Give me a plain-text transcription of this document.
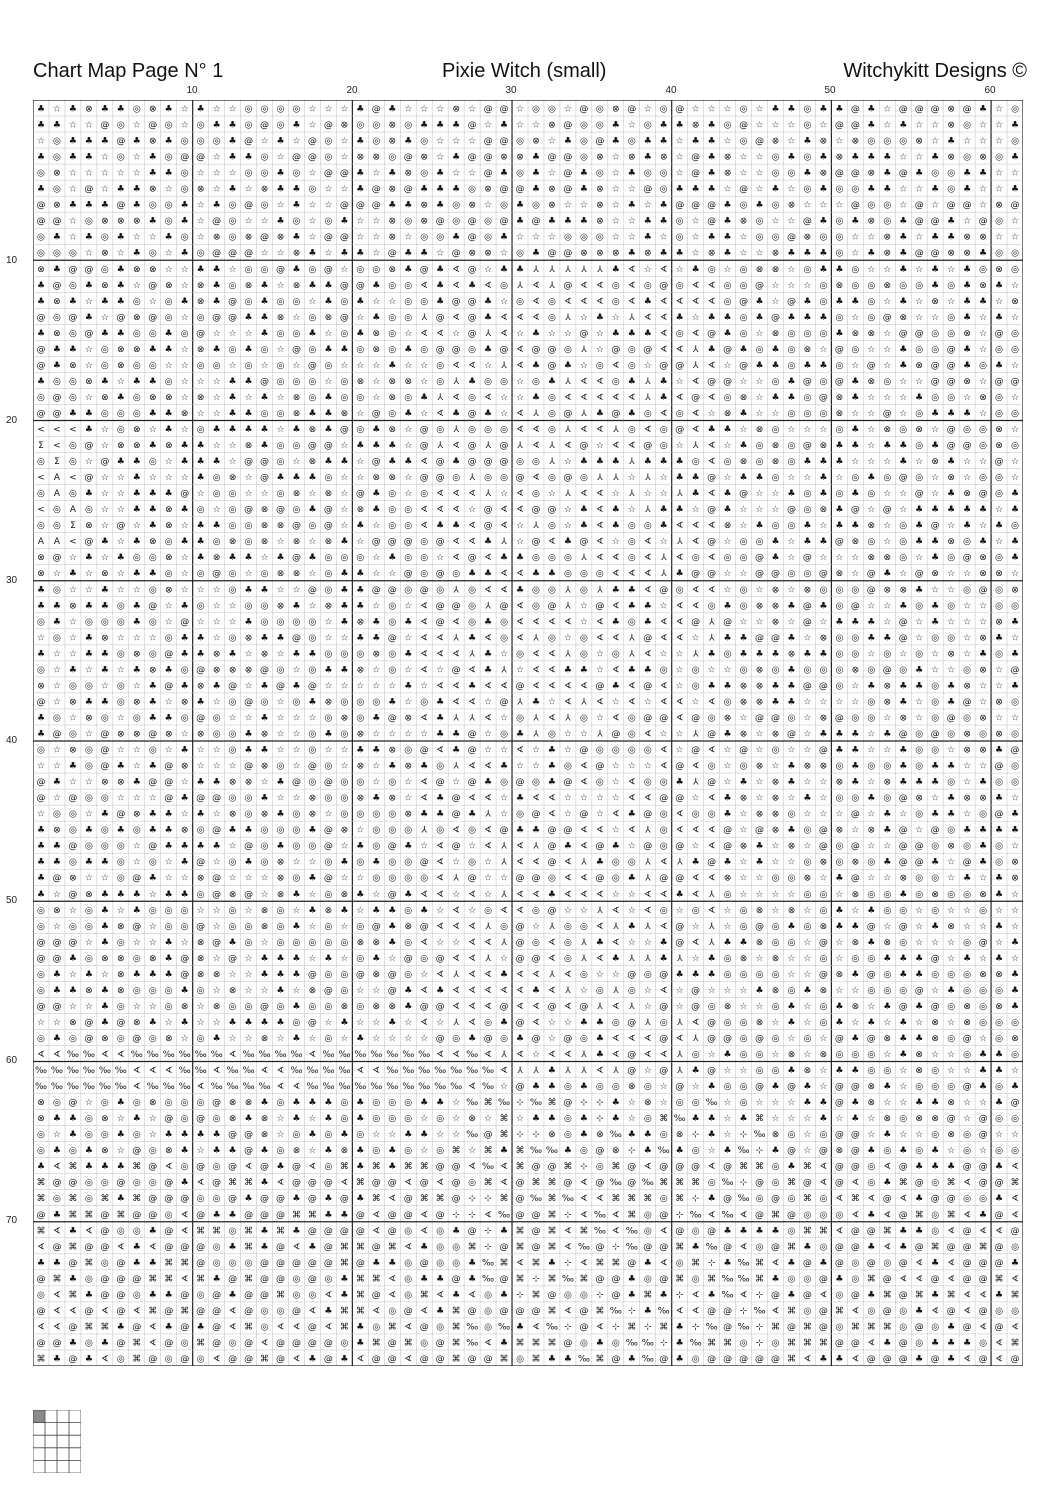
Chart Map Page N° 1	Pixie Witch (small)	Witchykitt Designs ©
10	20	30	40	50	60
10
20
30
40
50
60
70
♣ ☆ ♣ ⊗ ♣ ♣ ◎ ⊗ ♣ ☆ ♣ ☆ ☆ ◎ ◎ ◎ ◎ ☆ ☆ ☆ ♣ @ ♣ ☆ ☆ ☆ ⊗ ☆ @ @ ☆ ◎ ◎ ☆ @ ◎ ⊗ @ ☆ ◎ @ ☆ ☆ ☆ ◎ ☆ ♣ ♣ ◎ ♣ ♣ @ ♣ ☆ @ @ @ ⊗ @ ♣ ☆ ◎
♣ ♣ ☆ ☆ @ ◎ ☆ @ ◎ ☆ ◎ ♣ ♣ ◎ @ ◎ ♣ ☆ @ ⊗ ◎ ◎ ⊗ ◎ ♣ ♣ ♣ @ ☆ ♣ ☆ ☆ ⊗ @ ◎ ◎ ♣ ☆ ◎ ♣ ♣ ⊗ ♣ ◎ @ ☆ ☆ ☆ ◎ ☆ @ @ ♣ ☆ ♣ ☆ ☆ ⊗ ◎ ☆ ☆ ♣
☆ ◎ ♣ ♣ ♣ @ ♣ ⊗ ♣ ◎ ◎ ◎ ♣ @ ☆ ♣ ☆ @ ◎ ☆ ♣ ◎ ⊗ ♣ ◎ ☆ ☆ ☆ @ @ ◎ ⊗ ☆ ♣ ◎ @ ♣ ◎ ♣ ♣ ☆ ♣ ♣ ☆ ◎ @ ⊗ ☆ ♣ ⊗ ☆ ⊗ ◎ ◎ ◎ ⊗ ☆ ♣ ☆ ☆ ☆ ◎
♣ ◎ ♣ ♣ ☆ ◎ ☆ ♣ ◎ @ @ ☆ ♣ ♣ ◎ ☆ @ @ ◎ ☆ ⊗ ⊗ ◎ @ ⊗ ☆ ♣ @ @ ⊗ ⊗ ♣ @ @ ◎ ⊗ ☆ ⊗ ♣ ⊗ ☆ @ ♣ ⊗ ☆ ☆ ◎ ♣ ◎ ♣ ⊗ ♣ ♣ ♣ ☆ ☆ ♣ ⊗ ◎ ⊗ ◎ ♣
◎ ⊗ ☆ ☆ ☆ ☆ ☆ ♣ ♣ ◎ ☆ ☆ ☆ ◎ ◎ ♣ ◎ ☆ @ @ ♣ ☆ ♣ ⊗ ◎ ♣ ☆ ☆ @ ♣ ◎ ♣ ☆ @ ♣ ◎ ☆ ♣ ◎ ◎ ☆ @ ♣ ⊗ ☆ ☆ ◎ ◎ ♣ ⊗ @ @ ⊗ ♣ @ ♣ ◎ ◎ ♣ ♣ ☆ ☆
♣ ◎ ☆ @ ☆ ♣ ♣ ⊗ ☆ ◎ ⊗ ☆ ♣ ☆ ⊗ ♣ ♣ ◎ ☆ ☆ ♣ @ ⊗ @ ♣ ♣ ♣ ◎ ⊗ @ @ ♣ ⊗ @ ♣ ⊗ ☆ ☆ @ ◎ ♣ ♣ ♣ ☆ @ ☆ ♣ ☆ ◎ ♣ ◎ ◎ ♣ ♣ ☆ ☆ ♣ ◎ ♣ ☆ ☆ ♣
@ ⊗ ♣ ♣ ♣ @ ♣ ◎ ◎ ♣ ☆ ♣ ◎ @ ◎ ☆ ♣ ☆ ☆ @ @ @ ♣ ♣ ⊗ ♣ ◎ ⊗ ☆ ◎ ♣ ◎ ⊗ ☆ ☆ ⊗ ☆ ♣ ☆ ♣ @ @ @ ♣ ◎ ♣ ◎ ⊗ ☆ ☆ ☆ @ ◎ ◎ ☆ @ ☆ @ @ ☆ ⊗ @
@ @ ☆ ◎ ⊗ ⊗ ⊗ ♣ ◎ ♣ ☆ @ ◎ ☆ ☆ ♣ ◎ ☆ ◎ ♣ ☆ ☆ ⊗ ◎ ⊗ @ ◎ @ ◎ @ ♣ @ ♣ ♣ ♣ ⊗ ☆ ☆ ♣ ♣ ◎ ☆ @ ♣ ⊗ ◎ ☆ ☆ @ ♣ ◎ ♣ ⊗ ◎ ♣ @ @ ♣ ☆ @ ◎ ☆
◎ ♣ ☆ ♣ ◎ ♣ ☆ ☆ ♣ ◎ ☆ ⊗ ◎ ⊗ @ ⊗ ♣ ☆ @ @ ☆ ☆ ⊗ ☆ ◎ ◎ ♣ @ ◎ ♣ ☆ ☆ ☆ ◎ ◎ ◎ ☆ ☆ ♣ ☆ ◎ ☆ ♣ ♣ ☆ ◎ ◎ @ ⊗ ◎ ◎ ☆ ☆ ⊗ ♣ ☆ ♣ ♣ ⊗ ⊗ ☆ ☆
◎ ◎ ◎ ☆ ⊗ ☆ ♣ ◎ ☆ ♣ ◎ @ @ @ ☆ ☆ ⊗ ♣ ☆ ♣ ♣ ☆ @ ♣ ♣ ☆ @ ⊗ ⊗ ☆ ◎ ♣ @ @ ⊗ ⊗ ⊗ ♣ ⊗ ♣ ♣ ☆ ⊗ ♣ ☆ ☆ ⊗ ♣ ♣ ♣ ◎ ☆ ♣ ⊗ ♣ @ @ ⊗ ⊗ ♣ ◎ ◎
⊗ ♣ @ @ ◎ ♣ ⊗ ⊗ ☆ ☆ ♣ ♣ ☆ ◎ ◎ @ ♣ ◎ @ ☆ ◎ ◎ ⊗ ♣ @ ♣ ∢ @ ☆ ♣ ♣ ⅄ ⅄ ⅄ ⅄ ⅄ ♣ ∢ ☆ ∢ ☆ ♣ ◎ ☆ ◎ ⊗ ⊗ ☆ ◎ ♣ ♣ ◎ ☆ ☆ ♣ ☆ ♣ ☆ ♣ ◎ ⊗ ◎
♣ @ ◎ ♣ ⊗ ♣ ☆ @ ⊗ ☆ ⊗ ♣ ◎ ⊗ ♣ ☆ ⊗ ♣ ♣ @ @ ♣ ◎ ◎ ∢ ♣ ∢ ♣ ∢ ◎ ⅄ ∢ ⅄ @ ∢ ∢ ◎ ∢ ◎ @ ◎ ∢ ∢ ◎ ◎ @ ☆ ☆ ☆ ◎ ⊗ ◎ ◎ ⊗ ◎ ◎ ♣ ◎ ♣ ⊗ ♣ ☆
♣ ⊗ ♣ ☆ ♣ ♣ ◎ ☆ ◎ ♣ ⊗ ♣ @ ◎ ♣ ◎ ◎ ☆ ♣ ◎ ♣ ☆ ☆ ◎ ◎ ♣ @ @ ♣ ☆ ◎ ∢ ◎ ∢ ∢ ∢ ◎ ∢ ♣ ∢ ∢ ∢ ∢ ◎ @ ♣ ☆ @ ♣ ◎ ♣ ♣ ◎ ☆ ♣ ☆ ⊗ ☆ ♣ ♣ ☆ ⊗
@ ◎ @ ♣ ☆ @ ⊗ @ ◎ ☆ ◎ @ @ ♣ ♣ ⊗ ☆ ◎ ⊗ @ ☆ ♣ ◎ ◎ ⅄ @ ∢ @ ♣ ∢ ∢ ∢ ◎ ⅄ ☆ ♣ ☆ ⅄ ∢ ∢ ♣ ☆ ♣ ♣ ◎ ♣ @ ♣ ♣ ♣ ◎ ☆ ◎ @ ⊗ ☆ ☆ ◎ ♣ ☆ ♣ ☆
♣ ⊗ ◎ @ ♣ ♣ ◎ ◎ ♣ ◎ @ ☆ ☆ ☆ ♣ ◎ ◎ ♣ ☆ ◎ ♣ ⊗ ◎ ☆ ∢ ∢ ☆ @ ⅄ ∢ ☆ ♣ ☆ ☆ @ ☆ ♣ ♣ ♣ ∢ ◎ ∢ @ ♣ ◎ ☆ ⊗ ◎ ◎ ◎ ♣ ⊗ ⊗ ☆ @ @ ◎ ◎ ⊗ ☆ @ ◎
@ ♣ ♣ ☆ ◎ ⊗ ⊗ ♣ ♣ ☆ ⊗ ♣ ◎ ♣ ◎ ☆ @ ◎ ♣ ♣ ◎ ⊗ ◎ ♣ ◎ @ @ ◎ ♣ @ ∢ @ @ ◎ ⅄ ☆ @ ◎ @ ∢ ∢ ⅄ ♣ @ ♣ ◎ ♣ ◎ ⊗ ☆ @ ◎ ☆ ☆ ♣ ◎ ◎ @ ♣ ☆ ◎ ◎
@ ♣ ⊗ ☆ ◎ ⊗ ◎ ◎ ☆ ☆ ◎ ◎ ☆ ◎ ☆ ◎ ☆ @ ◎ ☆ ☆ ☆ ♣ ☆ ☆ ◎ ∢ ∢ ☆ ⅄ ∢ ♣ @ ♣ ☆ ◎ ∢ ◎ ☆ @ @ ⅄ ∢ ☆ @ ♣ ♣ ◎ ♣ ♣ ◎ ☆ @ ☆ ♣ ⊗ @ @ ♣ ◎ ♣ ☆
♣ ◎ ◎ ⊗ ♣ ☆ ♣ ♣ ◎ ☆ ☆ ☆ ♣ ♣ @ ◎ ◎ ◎ ☆ ◎ ⊗ ☆ ⊗ ⊗ ☆ ◎ ⅄ ♣ ◎ ◎ ☆ ◎ ♣ ⅄ ∢ ∢ ◎ ♣ ⅄ ♣ ☆ ∢ @ @ ☆ ☆ ◎ ♣ @ ◎ @ ♣ ⊗ ◎ ☆ ☆ @ @ ⊗ ☆ @ @
◎ @ ◎ ☆ ⊗ ♣ ◎ ⊗ ⊗ ☆ ⊗ ☆ ♣ ☆ ♣ ☆ ⊗ ◎ ♣ ◎ ◎ ☆ ⊗ ◎ ♣ ⅄ ∢ ◎ ∢ ☆ ☆ ♣ ◎ ∢ ∢ ∢ ∢ ∢ ⅄ ♣ ∢ @ ∢ ◎ ⊗ ☆ ♣ ♣ ◎ @ ⊗ ♣ ☆ ☆ ☆ ♣ ◎ ◎ ☆ ⊗ ◎ ☆
@ @ ♣ ♣ ◎ ◎ ◎ ♣ ♣ ⊗ ☆ ☆ ♣ ♣ ◎ ◎ ⊗ ♣ ♣ ⊗ ☆ @ ◎ ♣ ☆ ∢ ♣ @ ♣ ☆ ∢ ⅄ ◎ @ ⅄ ♣ @ ♣ ◎ ∢ ◎ ∢ ☆ ⊗ ♣ ☆ ☆ ◎ ◎ ◎ ⊗ ☆ ☆ @ ☆ ◎ ♣ ♣ ♣ ☆ ◎ ◎
< < < ♣ ☆ ◎ ⊗ ☆ ♣ ☆ ◎ ♣ ♣ ♣ ♣ ☆ ♣ ⊗ ♣ @ ◎ ♣ ⊗ ☆ @ ◎ ⅄ ◎ ◎ ◎ ∢ ∢ ◎ ⅄ ∢ ∢ ⅄ ◎ ∢ ◎ @ ∢ ♣ ♣ ☆ ⊗ ◎ ☆ ☆ ☆ ◎ ♣ ☆ ⊗ ◎ ⊗ ☆ @ ◎ ◎ ⊗ ☆
Σ < ◎ @ ☆ ⊗ ⊗ ♣ ⊗ ♣ ♣ ☆ ☆ ⊗ ♣ ◎ ◎ @ @ ☆ ♣ ♣ ♣ ☆ @ ⅄ ∢ @ ⅄ @ ⅄ ∢ ⅄ ∢ @ ☆ ∢ ∢ @ ◎ ☆ ⅄ ∢ ☆ ♣ ◎ ⊗ ◎ @ ⊗ ♣ ♣ ☆ ♣ ♣ ◎ ♣ @ @ ◎ ⊗ ◎
◎ Σ ◎ ☆ @ ♣ ♣ ◎ ☆ ♣ ♣ ♣ ☆ @ @ ◎ ☆ ⊗ ♣ ♣ ☆ @ ♣ ♣ ∢ @ ♣ @ @ @ ◎ ◎ ⅄ ☆ ♣ ♣ ♣ ⅄ ♣ ♣ ♣ ◎ ∢ ◎ ⊗ ◎ ⊗ ◎ ♣ ♣ ♣ ☆ ☆ ☆ ♣ ☆ ⊗ ♣ ☆ ☆ @ ☆
< A < @ ☆ ☆ ♣ ☆ ☆ ☆ ♣ ◎ ⊗ ☆ @ ♣ ♣ ♣ ◎ ☆ ☆ ⊗ ⊗ ☆ @ @ ◎ ⅄ ◎ ◎ @ ∢ ◎ @ ◎ ⅄ ⅄ ☆ ⅄ ☆ ♣ ♣ @ ☆ ♣ ♣ ◎ ☆ ☆ ♣ ☆ ◎ ♣ ◎ @ ◎ ☆ ⊗ ☆ ◎ ◎ ☆
◎ A ◎ ♣ ☆ ☆ ♣ ♣ ♣ @ ☆ ◎ ◎ ☆ ☆ ◎ ⊗ ☆ ⊗ ☆ @ ♣ ◎ ☆ ◎ ∢ ∢ ∢ ⅄ ☆ ∢ ◎ ☆ ⅄ ∢ ∢ ☆ ⅄ ☆ ☆ ⅄ ♣ ∢ ♣ @ ☆ ☆ ♣ ◎ ♣ ◎ ♣ ◎ ☆ ☆ @ ☆ ♣ ⊗ @ ◎ ♣
< ◎ A ◎ ☆ ☆ ♣ ♣ ⊗ ♣ ◎ ☆ ◎ @ ⊗ @ ◎ ♣ @ ☆ ⊗ ♣ ◎ ◎ ∢ ∢ ∢ ☆ @ ∢ ∢ @ @ ☆ ♣ ∢ ♣ ☆ ⅄ ♣ ♣ ☆ @ ♣ ☆ ☆ ☆ @ ◎ ⊗ ♣ @ ☆ @ ☆ ♣ ♣ ♣ ♣ ♣ ☆ ♣
◎ ◎ Σ ⊗ ☆ @ ☆ ♣ ⊗ ☆ ♣ ♣ ◎ ◎ ⊗ ⊗ @ ◎ @ ☆ ♣ ☆ ◎ ◎ ∢ ♣ ♣ ∢ @ ∢ ☆ ⅄ ◎ ☆ ♣ ∢ ♣ ◎ ◎ ♣ ∢ ∢ ∢ ⊗ ☆ ♣ ◎ ◎ ♣ ☆ ♣ ♣ ⊗ ☆ ◎ ♣ @ ☆ ♣ ☆ ♣ ◎
A A < @ ♣ ☆ ♣ ⊗ ◎ ♣ ♣ ◎ ⊗ ◎ ⊗ ☆ ⊗ ☆ ⊗ ♣ ☆ @ @ @ ◎ @ ∢ ∢ ♣ ⅄ ☆ @ ∢ ♣ @ ∢ ☆ ◎ ∢ ☆ ⅄ ∢ @ ☆ ◎ ◎ ♣ ☆ ♣ ♣ @ ⊗ ◎ ☆ ◎ ♣ ♣ ⊗ ◎ ♣ ☆ ♣
⊗ @ ☆ ♣ ☆ ♣ ◎ ◎ ⊗ ☆ ♣ ⊗ ♣ ♣ ☆ ♣ @ ♣ ◎ ◎ ◎ ☆ ♣ ◎ ◎ ☆ ∢ @ ∢ ♣ ♣ ◎ ◎ ◎ ⅄ ∢ ∢ ◎ ∢ ⅄ ∢ ◎ ∢ ◎ ◎ @ ♣ ☆ @ ☆ ☆ ☆ ⊗ ⊗ ◎ ☆ ♣ ◎ @ ⊗ ◎ ♣
⊗ ☆ ♣ ☆ ⊗ ☆ ♣ ♣ ◎ ☆ ◎ @ ◎ ☆ ◎ ⊗ ⊗ ☆ ◎ ♣ ♣ ☆ ☆ @ ◎ @ ◎ ♣ ♣ ∢ ∢ ♣ ♣ ◎ ◎ ◎ ∢ ∢ ∢ ⅄ ♣ @ @ ☆ ☆ @ @ ◎ ◎ @ ⊗ ☆ @ ♣ ☆ @ ⊗ ☆ ☆ ⊗ ⊗ ☆
♣ ◎ ☆ ☆ ♣ ☆ ☆ ◎ ⊗ ☆ ☆ ☆ ◎ ♣ ♣ ☆ ☆ @ ◎ ♣ ♣ @ @ ◎ @ ◎ ⅄ ◎ ∢ ∢ ♣ ◎ ◎ ⅄ ◎ ⅄ ♣ ♣ ∢ @ ◎ ∢ ∢ ☆ ◎ ☆ ⊗ ☆ ⊗ ◎ ◎ ◎ @ ⊗ ⊗ ♣ ☆ ☆ ◎ @ ◎ ⊗
♣ ♣ ⊗ ♣ ♣ ◎ ♣ @ ☆ ♣ ◎ ☆ ☆ ◎ ◎ ⊗ ♣ ☆ ⊗ ♣ ♣ ☆ ◎ ☆ ∢ @ @ ◎ ⅄ @ ∢ ◎ @ ⅄ ☆ @ ∢ ♣ ♣ ☆ ∢ ∢ ◎ ♣ ◎ ⊗ ⊗ ♣ @ ♣ ◎ @ ☆ ☆ ♣ ◎ ♣ ◎ ☆ ☆ ◎ ◎
◎ ♣ ☆ ◎ ◎ ◎ ♣ ◎ ☆ @ ☆ ☆ ☆ ♣ ◎ ◎ ◎ ◎ ☆ ♣ ⊗ ♣ ◎ ♣ ∢ @ ∢ ◎ ♣ ◎ ∢ ∢ ∢ ∢ ☆ ∢ ♣ ◎ ♣ ∢ ∢ @ ⅄ @ ☆ ☆ ⊗ ☆ @ ☆ ♣ ♣ ♣ ☆ @ ☆ ♣ ☆ ☆ ☆ ⊗ ♣
☆ ◎ ☆ ♣ ⊗ ☆ ☆ ☆ ◎ ♣ ♣ ☆ ◎ ⊗ ♣ ♣ @ ◎ ☆ ☆ ♣ ♣ @ ☆ ∢ ∢ ⅄ ♣ ∢ ◎ ∢ ⅄ ◎ ☆ ◎ ∢ ∢ ⅄ @ ∢ ∢ ☆ ⅄ ♣ ♣ @ @ ♣ ☆ ⊗ ◎ ◎ ♣ ♣ @ ☆ ◎ ◎ ☆ ⊗ ♣ ☆
♣ ☆ ☆ ♣ ♣ ◎ ⊗ ◎ @ ♣ ♣ ⊗ ♣ ☆ ⊗ ☆ ♣ ♣ ◎ ◎ ◎ ⊗ ◎ ♣ ∢ ∢ ∢ ⅄ ♣ ☆ ◎ ∢ ∢ ⅄ ◎ ☆ ◎ ⅄ ∢ ☆ ☆ ⅄ ♣ ◎ ♣ ♣ ♣ ⊗ ♣ ♣ ◎ ◎ ☆ ◎ ☆ ◎ ☆ ⊗ ☆ ♣ ◎ ♣
◎ ☆ ♣ ☆ ♣ ☆ ♣ ⊗ ♣ ◎ @ ⊗ ⊗ ⊗ @ ◎ ☆ ◎ ♣ ♣ ⊗ ☆ ◎ ☆ ∢ ☆ @ ∢ ♣ ⅄ ☆ ∢ ∢ ♣ ♣ ☆ ∢ ♣ ♣ ◎ ☆ ◎ ☆ ☆ ◎ ⊗ ◎ ♣ ◎ ◎ ◎ ⊗ ◎ @ ◎ ♣ ☆ ☆ ◎ ⊗ ☆ @
⊗ ☆ ◎ ◎ ☆ ◎ ☆ ♣ @ ♣ ⊗ ♣ @ ☆ ♣ @ ♣ @ ☆ ☆ ☆ ☆ ☆ ♣ ☆ ∢ ∢ ♣ ∢ ∢ @ ∢ ∢ ∢ ∢ @ ♣ ∢ @ ∢ ☆ ◎ ♣ ♣ ⊗ ⊗ ♣ ♣ @ @ ◎ ☆ ♣ ⊗ ♣ ♣ ◎ ♣ ⊗ ☆ ☆ ♣
@ ☆ ⊗ ♣ ♣ ◎ ⊗ ♣ ☆ ⊗ ♣ ☆ ◎ @ ◎ ☆ ◎ ♣ ⊗ ◎ ◎ ◎ ♣ ☆ ◎ ♣ ∢ ∢ ☆ @ ⅄ ♣ ☆ ∢ ⅄ ∢ ☆ ∢ ☆ ∢ ∢ ☆ ∢ ◎ ⊗ ⊗ ♣ ♣ ☆ ☆ ☆ ☆ ◎ ⊗ ♣ ☆ ◎ ♣ @ ☆ ⊗ ◎
♣ ◎ ☆ ⊗ ◎ ☆ ◎ ♣ ♣ ◎ @ ◎ ☆ ☆ ♣ ☆ ☆ ☆ ◎ ⊗ ◎ ♣ @ ⊗ ∢ ♣ ⅄ ⅄ ∢ ☆ ◎ ⅄ ∢ ⅄ ◎ ☆ ∢ ◎ @ @ ∢ @ ◎ ⊗ ☆ @ @ ◎ ☆ ⊗ @ ◎ ◎ ☆ ⊗ ☆ ◎ @ ◎ ⊗ ☆ ☆
♣ @ ◎ ☆ @ ⊗ ⊗ @ ⊗ ☆ ⊗ ◎ ◎ ♣ ⊗ ☆ ☆ ◎ ♣ ◎ ⊗ ☆ ☆ ☆ ☆ ♣ ♣ @ ☆ ◎ ♣ ⅄ ◎ ☆ ☆ ⅄ @ ◎ ∢ ☆ ☆ ⅄ @ ♣ ⊗ ☆ ⊗ @ ☆ ♣ ♣ ♣ ☆ ♣ @ ◎ @ ◎ ⊗ ◎ ⊗ ◎
◎ ☆ ⊗ ◎ @ ☆ ☆ ◎ ☆ ♣ ☆ ☆ ◎ ♣ ♣ ☆ ☆ ◎ ☆ ☆ ♣ ♣ ⊗ ◎ @ ∢ ♣ @ ☆ ☆ ∢ ☆ ♣ ☆ @ ◎ ◎ ◎ ◎ ∢ ☆ @ ∢ ☆ @ ☆ ◎ ☆ ☆ @ ♣ ♣ ☆ ☆ ♣ ◎ ◎ ☆ ⊗ ⊗ ♣ @
☆ ☆ ♣ ◎ @ ♣ ☆ ♣ @ ⊗ ☆ ☆ ☆ @ ⊗ ◎ ☆ @ ◎ ☆ ⊗ ☆ ♣ ⊗ ♣ ◎ ⅄ ∢ ∢ ♣ ☆ ☆ ♣ ◎ ∢ @ ☆ ☆ ☆ ∢ @ ∢ ◎ ☆ ◎ ⊗ ☆ ♣ ⊗ ⊗ ◎ ♣ ◎ ◎ ♣ ◎ ♣ ♣ ☆ ☆ @ ◎
@ ♣ ☆ ☆ ⊗ ⊗ ♣ @ @ ☆ ♣ ♣ ⊗ ⊗ ☆ ♣ @ ◎ @ ◎ ◎ ☆ ◎ ☆ ∢ @ ☆ @ ♣ ◎ @ ◎ ♣ @ ∢ ◎ ☆ ∢ ◎ ◎ ♣ ⅄ @ ☆ ♣ ☆ ⊗ ♣ ☆ ☆ ⊗ ♣ ☆ ⊗ ♣ ♣ ♣ ◎ ☆ ♣ ◎ ◎
@ ☆ @ ◎ ◎ ☆ ☆ ☆ @ ♣ @ @ ◎ ◎ ♣ ☆ ☆ ⊗ ◎ ◎ ⊗ ♣ ⊗ ☆ ∢ ♣ @ ∢ ∢ ☆ ♣ ∢ ∢ ☆ ☆ ☆ ☆ ∢ ∢ @ @ ☆ ∢ ♣ ⊗ ☆ ⊗ ☆ ♣ ☆ ◎ ◎ ♣ ◎ @ ⊗ ☆ ♣ ⊗ ⊗ ♣ ☆
☆ ◎ ◎ ☆ ♣ @ ⊗ ♣ ♣ ☆ ♣ ☆ ⊗ ◎ ⊗ ♣ ◎ ⊗ ☆ ◎ ◎ ◎ ◎ ⊗ ♣ ♣ @ ♣ ⅄ ☆ ◎ @ ∢ ☆ @ ☆ ∢ ♣ @ ◎ ∢ ◎ ◎ ♣ ☆ ⊗ ⊗ ◎ ☆ ☆ ☆ @ ☆ ♣ ☆ ◎ ♣ ♣ ☆ ◎ @ ♣
♣ ⊗ ◎ ♣ ◎ ♣ ◎ ♣ ♣ ⊗ ◎ @ ♣ ♣ ◎ ◎ ◎ ♣ @ ⊗ ☆ ◎ ◎ ◎ ⅄ ◎ ∢ ◎ ∢ @ ♣ ♣ @ @ ∢ ∢ ☆ ∢ ⅄ ◎ ∢ ∢ ∢ @ ☆ @ ⊗ ♣ ◎ @ ⊗ ☆ ⊗ ♣ @ ☆ @ ◎ ♣ ♣ ♣ ♣
♣ ♣ @ ◎ ◎ ◎ ☆ @ ♣ ♣ ♣ ♣ ☆ @ ◎ ♣ ◎ ◎ @ ☆ ♣ ◎ @ ♣ ☆ ∢ @ ☆ ∢ ⅄ ∢ ⅄ @ ♣ ∢ @ ♣ ☆ @ ◎ @ ☆ ∢ @ ⊗ ♣ ☆ ⊗ ☆ @ ◎ @ ☆ ☆ @ @ ◎ ⊗ ◎ ♣ ◎ ☆
♣ ♣ ◎ ♣ ♣ ◎ ☆ ◎ ☆ ♣ @ ☆ ◎ ♣ ◎ ⊗ ☆ ☆ ◎ ♣ ◎ ♣ ◎ ◎ @ ∢ ☆ ◎ ☆ ⅄ ∢ ∢ @ ∢ ⅄ ♣ ◎ ◎ ⅄ ∢ ⅄ ♣ @ ♣ ☆ ♣ ☆ ☆ ◎ ⊗ ◎ ⊗ ◎ ♣ @ @ ♣ ☆ @ ♣ ◎ ⊗
♣ @ ⊗ ☆ ☆ ◎ @ ♣ ☆ ☆ ⊗ @ ☆ ☆ ☆ ⊗ ◎ ♣ @ ☆ ☆ ◎ ◎ ◎ ◎ ∢ ⅄ @ ☆ ☆ @ @ ◎ ∢ ∢ @ ◎ ♣ ⅄ @ @ ∢ ∢ ⊗ ☆ ☆ ◎ ◎ ⊗ ☆ ♣ @ ☆ ☆ ⊗ ◎ ◎ ☆ ♣ ☆ ♣ ⊗
♣ ☆ @ ⊗ ♣ ♣ ♣ ☆ ♣ ♣ ◎ @ ⊗ @ ☆ ⊗ ♣ ☆ ◎ ⊗ ♣ ☆ @ ♣ ∢ ∢ ☆ ∢ ☆ ⅄ ∢ ∢ ♣ ∢ ∢ ∢ ☆ ☆ ∢ ∢ ♣ ∢ ⅄ ◎ ☆ ☆ ☆ ☆ ◎ ◎ ☆ ⊗ ◎ ◎ ♣ ◎ ⊗ ◎ ◎ ⊗ ♣ ☆
◎ ⊗ ☆ ◎ ♣ ☆ ♣ ◎ ◎ ◎ ☆ ☆ ◎ ☆ ⊗ ◎ ☆ ♣ ⊗ ♣ ☆ ♣ ♣ ◎ ♣ ☆ ∢ ☆ ◎ ∢ ∢ ◎ @ ☆ ☆ ⅄ ∢ ☆ ∢ ◎ ☆ ◎ ∢ ☆ ◎ ⊗ ☆ ⊗ ☆ ◎ ♣ ☆ ♣ ◎ ◎ ☆ ◎ ☆ ☆ ◎ ☆ ☆
◎ ☆ ◎ ◎ ♣ ⊗ @ ☆ ◎ ◎ @ ☆ ◎ ◎ ⊗ ◎ ♣ ☆ ◎ ☆ ◎ @ ♣ ⊗ @ ∢ ∢ ∢ ⅄ ◎ @ ☆ ⅄ ◎ ◎ ∢ ⅄ ♣ ⅄ ∢ @ ☆ ⅄ ☆ ◎ @ ◎ ♣ ◎ ⊗ ♣ ♣ @ ☆ @ ☆ ♣ ⊗ ☆ ☆ ♣ ☆
@ @ @ ☆ ♣ ◎ ☆ ☆ ♣ ☆ ⊗ @ ♣ ◎ ☆ ◎ ◎ ◎ ◎ ◎ ⊗ ⊗ ♣ ◎ ∢ ☆ ☆ ∢ ∢ ⅄ @ ◎ ∢ ◎ ⅄ ♣ ∢ ☆ ☆ ♣ @ ∢ ⅄ ♣ ♣ ⊗ ◎ ◎ ☆ @ ☆ ⊗ ♣ ⊗ ◎ ☆ ☆ ☆ ◎ @ ☆ ♣
@ @ ♣ ◎ ⊗ ⊗ ◎ ⊗ ♣ @ ⊗ ☆ @ ☆ ♣ ♣ ♣ ☆ ♣ ☆ ◎ ♣ ☆ @ ◎ @ ∢ ∢ ⅄ ☆ @ @ ∢ ◎ ⅄ ∢ ♣ ⅄ ⅄ ♣ ⅄ ☆ ♣ ◎ ⊗ ☆ ⊗ ☆ ☆ ◎ ☆ ◎ ◎ ♣ ♣ ♣ @ ☆ ♣ ☆ ♣ ☆
◎ ♣ ☆ ♣ ☆ ⊗ ♣ ♣ ♣ @ ⊗ ⊗ ☆ ☆ ♣ ♣ ♣ @ ◎ ◎ @ ⊗ @ ◎ ☆ ∢ ⅄ ∢ ∢ ♣ ∢ ∢ ⅄ ∢ ◎ ☆ ☆ @ ◎ @ ♣ ♣ ♣ ◎ ◎ ◎ ◎ ☆ ☆ @ ⊗ ♣ @ ◎ ♣ ♣ ◎ ◎ ◎ ⊗ ⊗ ♣
◎ ♣ ♣ ⊗ ♣ ⊗ ◎ ◎ ◎ ♣ ◎ ☆ ⊗ ☆ ☆ ♣ ☆ ⊗ @ ◎ ☆ ☆ @ ♣ ∢ ♣ ∢ ∢ ∢ ∢ ∢ ♣ ∢ ⅄ ☆ ◎ ⅄ ◎ ☆ ∢ ☆ @ ☆ ☆ ☆ ♣ ⊗ ◎ ♣ ⊗ ☆ ☆ ◎ ◎ ◎ @ ☆ ♣ ◎ ◎ ◎ ♣
@ @ ☆ ☆ ♣ ◎ ☆ ☆ ◎ ⊗ ☆ ⊗ ◎ ◎ @ ◎ ♣ ◎ ◎ ⊗ ◎ ⊗ ⊗ ♣ @ @ ∢ ∢ ∢ @ ∢ ∢ @ ∢ @ ⅄ ∢ ⅄ ☆ @ ☆ @ ◎ ⊗ ☆ ☆ ◎ ♣ ☆ ◎ ♣ ⊗ ☆ ♣ @ ♣ @ ◎ ⊗ ◎ ⊗ ♣
☆ ☆ ⊗ @ ♣ @ ⊗ ♣ ☆ ♣ ☆ ☆ ♣ ♣ ♣ ♣ ◎ @ ☆ ♣ ☆ ☆ ♣ ☆ ∢ ☆ ⅄ ∢ ◎ ♣ @ ∢ ☆ ☆ ♣ ♣ ◎ @ ⅄ ◎ ⅄ ∢ @ ◎ ◎ ⊗ ☆ ♣ ☆ ◎ ♣ ☆ ♣ ☆ ♣ ☆ ⊗ ☆ ⊗ ◎ ◎ ◎
◎ ♣ ◎ @ ⊗ ◎ @ ◎ ⊗ ☆ ◎ ♣ ☆ ☆ ⊗ ☆ ♣ ☆ ◎ ☆ ♣ ☆ ☆ ☆ ☆ @ ◎ ♣ @ ◎ ♣ @ ☆ @ ◎ ♣ ∢ ∢ ∢ @ ∢ ⅄ @ @ ◎ @ ◎ ☆ ◎ ☆ @ ♣ @ ⊗ ♣ ♣ ⊗ ◎ @ ☆ ◎ ⊗
∢ ∢ ‰ ‰ ∢ ∢ ‰ ‰ ‰ ‰ ‰ ‰ ∢ ‰ ‰ ‰ ‰ ∢ ‰ ‰ ‰ ‰ ‰ ‰ ‰ ∢ ∢ ‰ ∢ ⅄ ∢ ☆ ∢ ∢ ⅄ ♣ ∢ @ ∢ ∢ ⅄ ◎ ☆ ♣ ◎ ◎ ☆ ⊗ ☆ ⊗ ◎ ◎ ◎ ☆ ♣ ⊗ ☆ ☆ ◎ ♣ ♣ ◎
‰ ‰ ‰ ‰ ‰ ‰ ∢ ∢ ∢ ‰ ‰ ∢ ‰ ‰ ∢ ∢ ‰ ‰ ‰ ‰ ∢ ∢ ‰ ‰ ‰ ‰ ‰ ‰ ‰ ∢ ⅄ ⅄ ♣ ⅄ ⅄ ∢ ⅄ @ ☆ @ ⅄ ♣ @ ☆ ☆ ◎ ◎ ♣ ⊗ ☆ ♣ ♣ ◎ ◎ ☆ ⊗ ◎ ☆ ☆ ♣ ♣ ☆
‰ ‰ ‰ ‰ ‰ ‰ ∢ ‰ ‰ ‰ ∢ ‰ ‰ ‰ ‰ ∢ ∢ ‰ ‰ ‰ ‰ ‰ ‰ ‰ ‰ ‰ ‰ ∢ ‰ ☆ @ ♣ ♣ ◎ ♣ ◎ ◎ ⊗ ◎ ☆ @ ☆ ♣ ◎ ◎ @ ♣ @ ♣ ☆ @ @ ⊗ ♣ ☆ ◎ ◎ ◎ @ ♣ ◎ ♣
⊗ ◎ @ ☆ ◎ ♣ ◎ ⊗ ◎ ◎ ◎ @ ⊗ ⊗ ♣ ◎ ♣ ♣ ♣ ◎ ♣ ◎ ◎ ◎ ♣ ♣ ☆ ‰ ⌘ ‰ ⊹ ‰ ⌘ @ ⊹ ⊹ ♣ ☆ ⊗ ☆ ◎ ◎ ‰ ☆ ◎ ☆ ☆ ☆ ♣ ♣ @ ♣ ⊗ ☆ ☆ ♣ ♣ ⊗ ☆ ☆ ♣ @
⊗ ♣ ♣ ◎ ⊗ ☆ ♣ ☆ @ ◎ @ ◎ ⊗ ♣ ⊗ ☆ ♣ ☆ ♣ ◎ ♣ ◎ ◎ ◎ ☆ ◎ ☆ ⊗ ☆ ⌘ ☆ ♣ ♣ ◎ ♣ ⊹ ♣ ☆ ◎ ⌘ ‰ ♣ ♣ ☆ ♣ ⌘ ☆ ☆ ☆ ♣ ☆ ♣ ☆ ⊗ ◎ ⊗ ⊗ @ ☆ @ ◎ ◎
◎ ☆ ♣ ◎ ◎ ♣ ◎ ☆ ♣ ♣ ♣ ♣ @ @ ⊗ ☆ ◎ ♣ ◎ ♣ ◎ ☆ ☆ ♣ ♣ ☆ ☆ ‰ @ ⌘ ⊹ ⊹ ⊗ ◎ ♣ ⊗ ‰ ♣ ♣ ◎ ⊗ ⊹ ♣ ☆ ⊹ ‰ ⊗ ◎ ☆ ◎ @ @ ☆ ♣ ☆ ☆ ◎ ⊗ ◎ @ ☆ ☆
◎ ♣ ◎ ♣ ⊗ ☆ @ ◎ ⊗ ♣ ☆ ♣ ♣ @ ♣ ◎ ⊗ ☆ ♣ ⊗ ♣ ◎ ♣ ◎ ☆ ◎ ⌘ ☆ ⌘ ♣ ⌘ ‰ ‰ ♣ ◎ @ ⊗ ⊹ ♣ ‰ ♣ ◎ ☆ ♣ ‰ ⊹ ♣ @ ☆ @ ⊗ @ ♣ ◎ ♣ ◎ ♣ ☆ ◎ ☆ ◎ ◎
♣ ∢ ⌘ ♣ ♣ ♣ ⌘ @ ∢ ◎ @ ◎ @ ∢ @ ♣ @ ∢ ◎ ⌘ ♣ ⌘ ♣ ⌘ ⌘ @ @ ∢ ‰ ∢ ⌘ @ @ ⌘ ⊹ ◎ ⌘ @ ∢ @ @ @ ∢ @ ⌘ ⌘ ◎ ♣ ⌘ ∢ @ @ ◎ ∢ @ ♣ ♣ ♣ @ @ ♣ ∢
⌘ @ @ ◎ ◎ @ ◎ ◎ @ ♣ ∢ @ ⌘ ⌘ ♣ ∢ @ @ @ ∢ ⌘ @ @ ∢ @ ∢ @ ◎ ⌘ ∢ @ ⌘ ⌘ @ ∢ @ ‰ @ ‰ ⌘ ⌘ ⌘ ◎ ‰ ⊹ @ ◎ ⌘ @ ∢ @ ∢ ◎ ♣ ⌘ @ ◎ ⌘ ∢ @ @ ⌘
⌘ ◎ ⌘ ◎ ⌘ ♣ ⌘ @ @ @ ◎ ◎ @ ♣ @ @ ♣ @ ♣ @ ♣ ⌘ ∢ @ ⌘ ⌘ @ ⊹ ⊹ ⌘ @ ‰ ⌘ ‰ ∢ ∢ ⌘ ⌘ ⌘ ◎ ⌘ ⊹ ♣ @ ‰ ◎ @ ◎ ⌘ ◎ ∢ ⌘ ∢ @ ∢ ♣ @ @ ◎ ◎ ♣ ∢
@ ♣ ⌘ ⌘ @ ⌘ @ @ ◎ ∢ @ ♣ ♣ @ @ @ ⌘ ⌘ ♣ ♣ @ ∢ @ @ ∢ @ ⊹ ⊹ ∢ ‰ @ @ ⌘ ⊹ ∢ ‰ ∢ ⌘ ◎ @ ⊹ ‰ ∢ ‰ ∢ @ ⌘ @ ◎ ◎ ◎ ∢ ♣ ∢ @ ⌘ ◎ ⌘ ∢ ♣ @ ∢
⌘ ∢ ♣ ∢ @ ◎ ◎ ♣ @ ∢ ⌘ ⌘ ◎ ⌘ ♣ ⌘ ♣ @ @ @ @ ∢ @ ◎ ∢ ◎ ♣ @ ⊹ ♣ ⌘ @ ⌘ ∢ ⌘ ‰ ∢ ‰ ◎ ∢ @ ◎ @ ♣ ♣ ♣ ♣ ◎ ⌘ ⌘ ∢ @ @ ⌘ ♣ ♣ ◎ ∢ @ ∢ ∢ @
∢ @ ⌘ @ @ ∢ ♣ ∢ @ @ @ ◎ ♣ ⌘ ♣ @ ∢ ♣ @ ⌘ ⌘ @ ⌘ ∢ ♣ ◎ ◎ ⌘ ⊹ @ ⌘ @ ⌘ ∢ ‰ @ ⊹ ‰ @ @ ⌘ ♣ ‰ @ ∢ ◎ @ ⌘ ♣ ◎ @ @ ♣ ∢ ♣ @ ⌘ @ @ ⌘ @ ◎
♣ ♣ @ ⌘ ◎ @ ♣ ♣ ⌘ ⌘ @ ◎ ◎ ◎ @ @ @ @ @ ⌘ @ ♣ ♣ ◎ @ ◎ ◎ ♣ ‰ ⌘ ∢ ⌘ ♣ ⊹ ∢ ⌘ ⌘ @ ♣ ∢ ◎ ⌘ ⊹ ♣ ‰ ⌘ ∢ ♣ @ ♣ @ ◎ @ ◎ @ ∢ ♣ ∢ @ @ @ ♣
@ ⌘ ♣ ◎ @ @ @ ⌘ ⌘ ∢ ⌘ ♣ @ ⌘ @ @ ◎ @ ◎ ♣ ⌘ ⌘ ∢ ◎ ♣ ♣ @ ♣ ‰ @ ⌘ ⊹ ⌘ ‰ ⌘ @ @ ♣ ◎ @ ⌘ ◎ ⌘ ‰ ‰ ⌘ ♣ ◎ ◎ @ ♣ ◎ ⌘ @ ∢ ∢ @ ∢ @ @ ⌘ ∢
◎ ∢ ⌘ ♣ @ @ ◎ ♣ ♣ @ ◎ @ ♣ @ @ ⌘ ◎ ◎ ∢ ♣ ⌘ @ ∢ ◎ ⌘ ∢ ♣ ∢ ◎ ♣ ⊹ ⌘ @ ◎ ◎ ⊹ @ ♣ ⌘ ♣ ⊹ ∢ ♣ ‰ ∢ ⊹ @ ♣ @ ∢ ◎ @ ♣ ⌘ @ ⌘ ♣ ⌘ ∢ ∢ ♣ ⌘
@ ∢ ∢ @ ∢ @ ∢ ⌘ @ ⌘ @ @ ∢ @ ◎ ◎ @ ∢ ♣ ⌘ ⌘ ∢ ◎ @ ∢ ♣ ⌘ @ ◎ @ @ @ ⌘ ∢ @ ⌘ ‰ ⊹ ♣ ‰ ∢ ∢ @ @ ⊹ ‰ ∢ ⌘ ◎ @ ⌘ ∢ ◎ @ ◎ ♣ ∢ @ ∢ @ ◎ ◎
∢ ∢ @ ⌘ ⌘ ♣ @ ∢ ♣ @ ♣ @ ∢ ⌘ ◎ ∢ ∢ @ ∢ ⌘ ♣ ◎ ⌘ ∢ @ ◎ ⌘ ‰ ◎ ‰ ♣ ∢ ‰ ⊹ @ ∢ ⊹ ⌘ ⊹ ⌘ ♣ ⊹ ‰ @ ‰ ⊹ ⌘ @ ⌘ @ ◎ ⌘ ⌘ ⌘ ◎ @ ◎ ♣ @ ∢ @ ∢
@ @ ♣ ◎ ♣ @ ⌘ ∢ @ ◎ ⌘ @ ◎ @ ∢ @ @ @ @ ◎ ♣ ⌘ @ ⌘ ◎ @ ⌘ ‰ ∢ ♣ ⌘ ⌘ ⌘ @ ◎ ♣ ◎ ‰ ‰ ⊹ ♣ ‰ ⌘ ⌘ ◎ ⊹ ◎ ⌘ ⌘ ⌘ @ @ ∢ ♣ @ ◎ ♣ ♣ ♣ ◎ ∢ ⌘
⌘ ♣ @ ♣ ∢ ◎ ⌘ @ ◎ @ ◎ ∢ @ @ ⌘ @ ∢ ♣ @ ♣ ∢ @ @ ∢ @ @ ⌘ @ @ ⌘ ◎ ⌘ ♣ ♣ ‰ ⌘ @ ♣ ‰ @ ♣ ◎ @ @ @ @ @ ⌘ ∢ ♣ ♣ ∢ @ @ @ ♣ @ ♣ ∢ @ ∢ @
